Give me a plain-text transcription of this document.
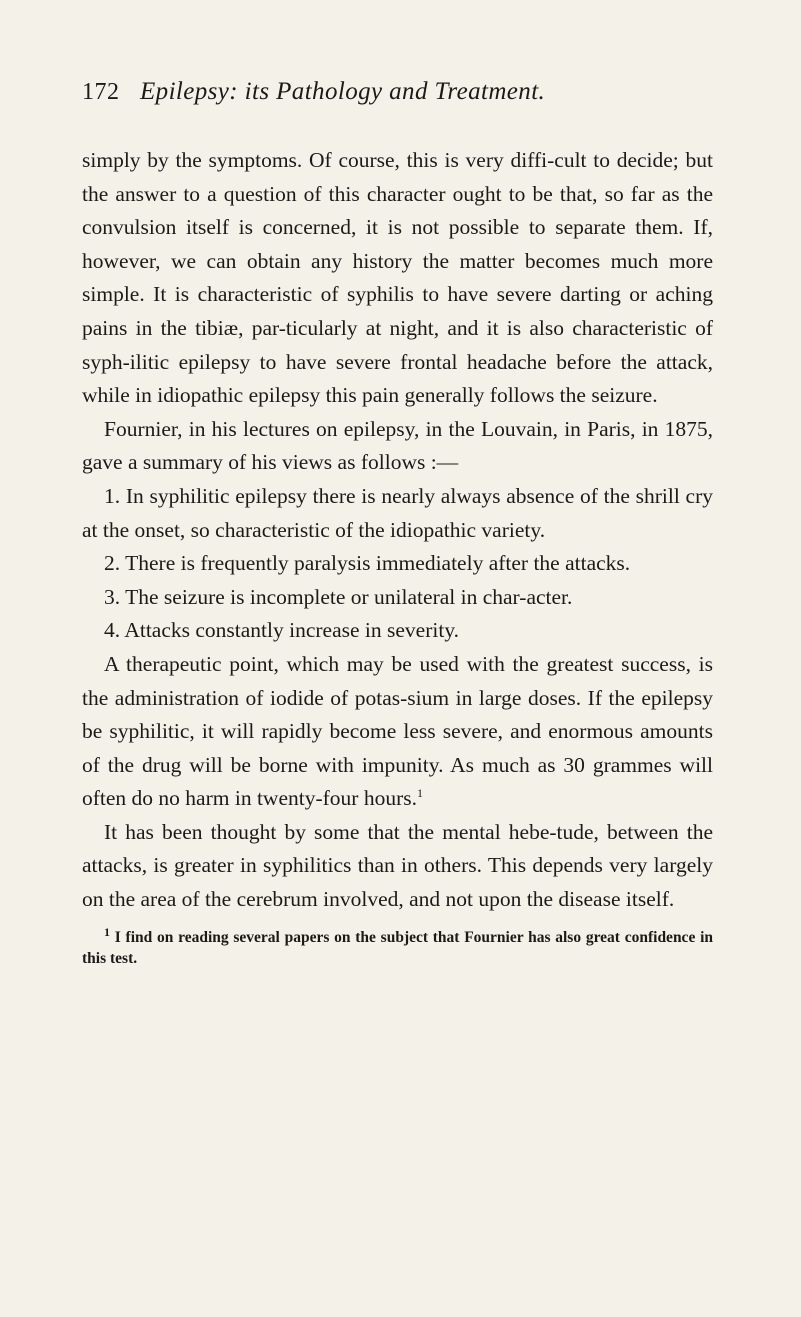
172 Epilepsy: its Pathology and Treatment.

simply by the symptoms. Of course, this is very diffi-cult to decide; but the answer to a question of this character ought to be that, so far as the convulsion itself is concerned, it is not possible to separate them. If, however, we can obtain any history the matter becomes much more simple. It is characteristic of syphilis to have severe darting or aching pains in the tibiæ, par-ticularly at night, and it is also characteristic of syph-ilitic epilepsy to have severe frontal headache before the attack, while in idiopathic epilepsy this pain generally follows the seizure.

Fournier, in his lectures on epilepsy, in the Louvain, in Paris, in 1875, gave a summary of his views as follows :—

1. In syphilitic epilepsy there is nearly always absence of the shrill cry at the onset, so characteristic of the idiopathic variety.

2. There is frequently paralysis immediately after the attacks.

3. The seizure is incomplete or unilateral in char-acter.

4. Attacks constantly increase in severity.

A therapeutic point, which may be used with the greatest success, is the administration of iodide of potas-sium in large doses. If the epilepsy be syphilitic, it will rapidly become less severe, and enormous amounts of the drug will be borne with impunity. As much as 30 grammes will often do no harm in twenty-four hours.$^1$

It has been thought by some that the mental hebe-tude, between the attacks, is greater in syphilitics than in others. This depends very largely on the area of the cerebrum involved, and not upon the disease itself.

$^1$ I find on reading several papers on the subject that Fournier has also great confidence in this test.
